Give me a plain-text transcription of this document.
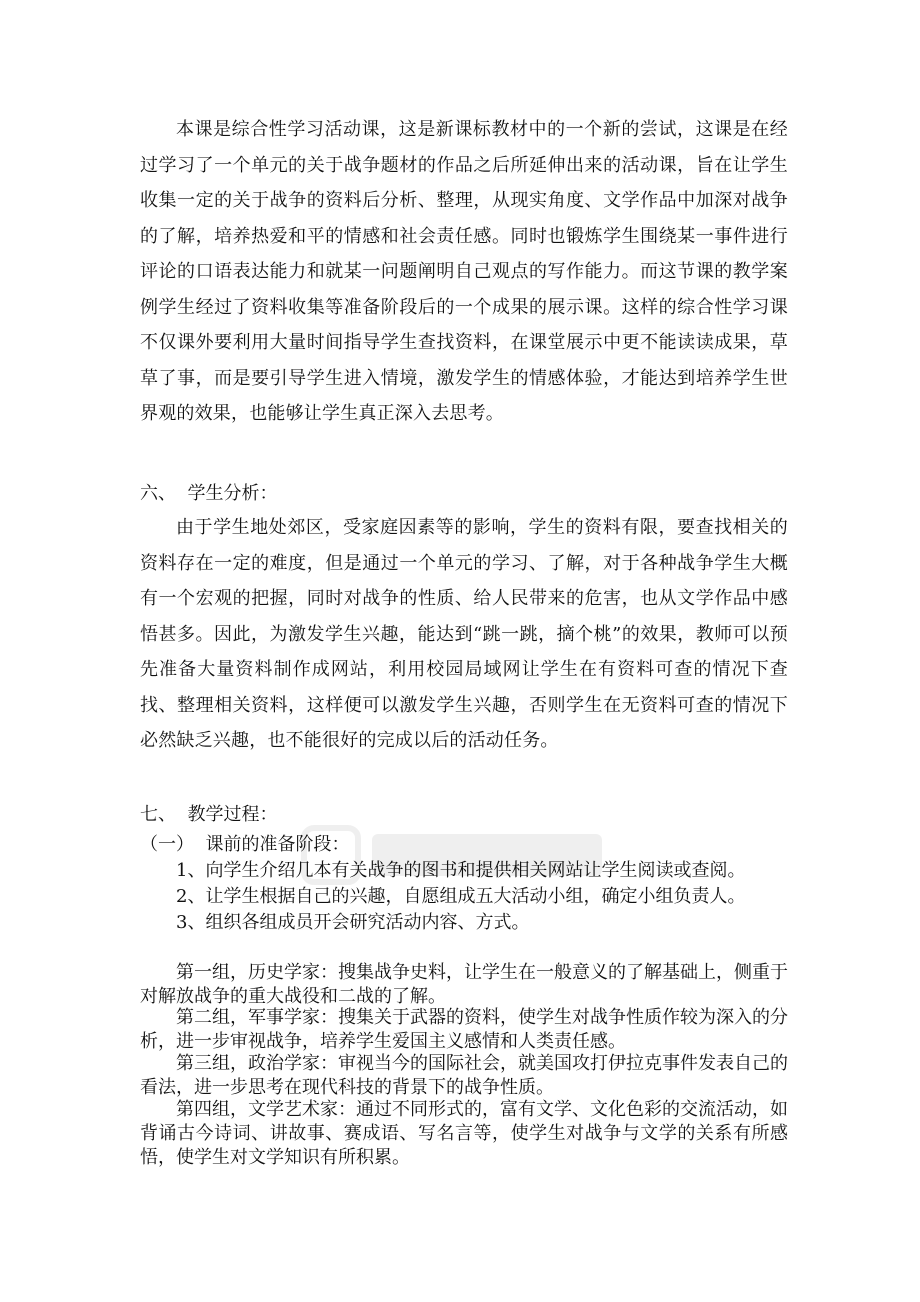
本课是综合性学习活动课，这是新课标教材中的一个新的尝试，这课是在经过学习了一个单元的关于战争题材的作品之后所延伸出来的活动课，旨在让学生收集一定的关于战争的资料后分析、整理，从现实角度、文学作品中加深对战争的了解，培养热爱和平的情感和社会责任感。同时也锻炼学生围绕某一事件进行评论的口语表达能力和就某一问题阐明自己观点的写作能力。而这节课的教学案例学生经过了资料收集等准备阶段后的一个成果的展示课。这样的综合性学习课不仅课外要利用大量时间指导学生查找资料，在课堂展示中更不能读读成果，草草了事，而是要引导学生进入情境，激发学生的情感体验，才能达到培养学生世界观的效果，也能够让学生真正深入去思考。

六、  学生分析：

由于学生地处郊区，受家庭因素等的影响，学生的资料有限，要查找相关的资料存在一定的难度，但是通过一个单元的学习、了解，对于各种战争学生大概有一个宏观的把握，同时对战争的性质、给人民带来的危害，也从文学作品中感悟甚多。因此，为激发学生兴趣，能达到“跳一跳，摘个桃”的效果，教师可以预先准备大量资料制作成网站，利用校园局域网让学生在有资料可查的情况下查找、整理相关资料，这样便可以激发学生兴趣，否则学生在无资料可查的情况下必然缺乏兴趣，也不能很好的完成以后的活动任务。

七、  教学过程：

（一）  课前的准备阶段：

1、向学生介绍几本有关战争的图书和提供相关网站让学生阅读或查阅。

2、让学生根据自己的兴趣，自愿组成五大活动小组，确定小组负责人。

3、组织各组成员开会研究活动内容、方式。

第一组，历史学家：搜集战争史料，让学生在一般意义的了解基础上，侧重于对解放战争的重大战役和二战的了解。

第二组，军事学家：搜集关于武器的资料，使学生对战争性质作较为深入的分析，进一步审视战争，培养学生爱国主义感情和人类责任感。

第三组，政治学家：审视当今的国际社会，就美国攻打伊拉克事件发表自己的看法，进一步思考在现代科技的背景下的战争性质。

第四组，文学艺术家：通过不同形式的，富有文学、文化色彩的交流活动，如背诵古今诗词、讲故事、赛成语、写名言等，使学生对战争与文学的关系有所感悟，使学生对文学知识有所积累。
